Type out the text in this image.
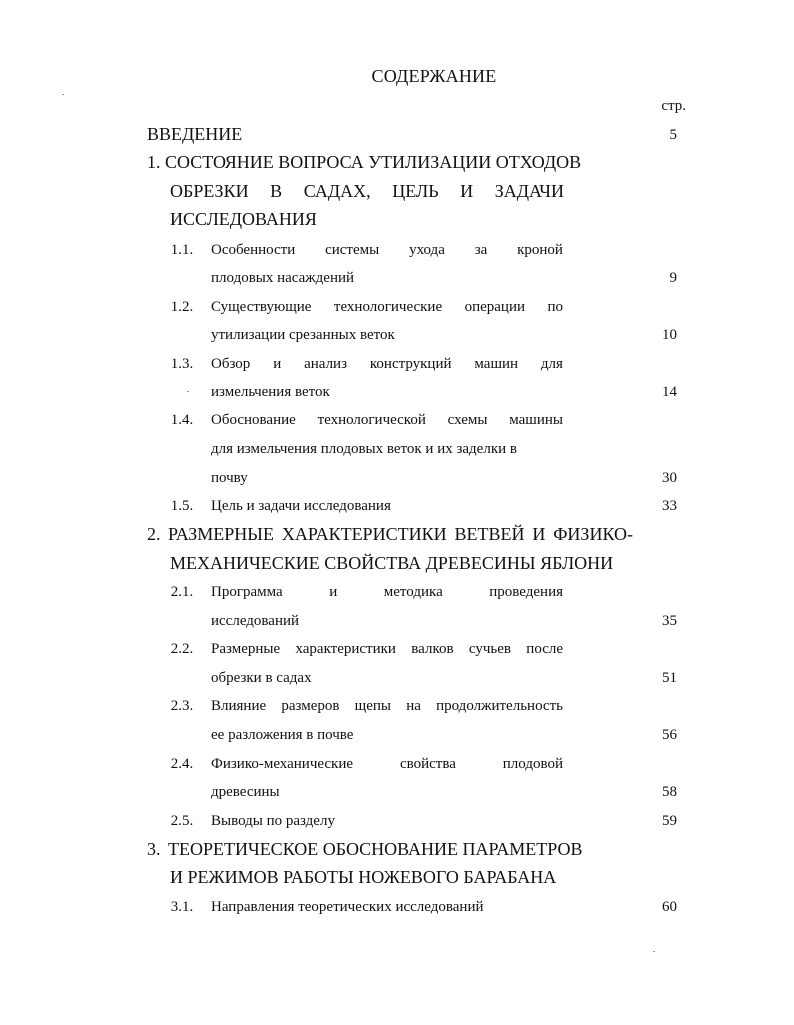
СОДЕРЖАНИЕ
стр.
ВВЕДЕНИЕ	5
1. СОСТОЯНИЕ ВОПРОСА УТИЛИЗАЦИИ ОТХОДОВ
ОБРЕЗКИ В САДАХ, ЦЕЛЬ И ЗАДАЧИ
ИССЛЕДОВАНИЯ
1.1.	Особенности системы ухода за кроной
плодовых насаждений	9
1.2.	Существующие технологические операции по
утилизации срезанных веток	10
1.3.	Обзор и анализ конструкций машин для
измельчения веток	14
1.4.	Обоснование технологической схемы машины
для измельчения плодовых веток и их заделки в
почву	30
1.5.	Цель и задачи исследования	33
2. РАЗМЕРНЫЕ ХАРАКТЕРИСТИКИ ВЕТВЕЙ И ФИЗИКО-
МЕХАНИЧЕСКИЕ СВОЙСТВА ДРЕВЕСИНЫ ЯБЛОНИ
2.1.	Программа	и	методика	проведения
исследований	35
2.2.	Размерные характеристики валков сучьев после
обрезки в садах	51
2.3.	Влияние размеров щепы на продолжительность
ее разложения в почве	56
2.4.	Физико-механические	свойства	плодовой
древесины	58
2.5.	Выводы по разделу	59
3. ТЕОРЕТИЧЕСКОЕ ОБОСНОВАНИЕ ПАРАМЕТРОВ
И РЕЖИМОВ РАБОТЫ НОЖЕВОГО БАРАБАНА
3.1.	Направления теоретических исследований	60
